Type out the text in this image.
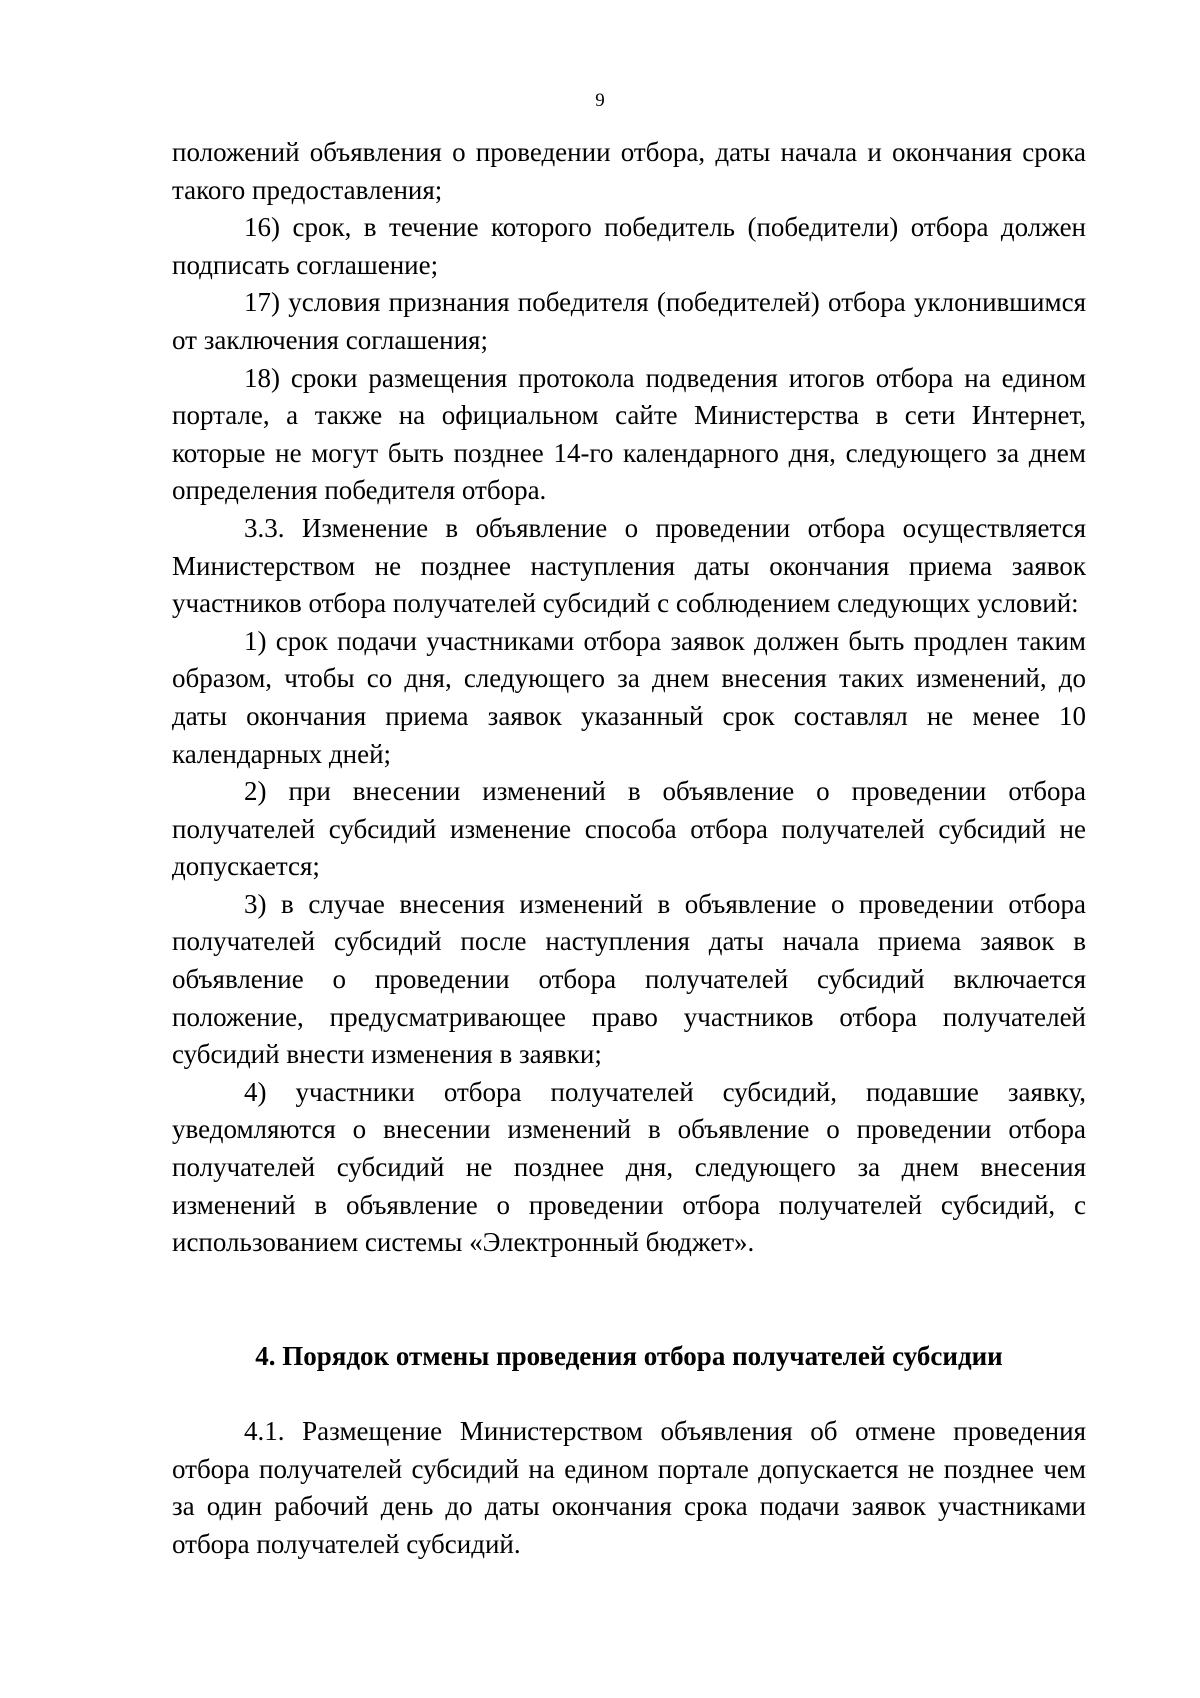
9

положений объявления о проведении отбора, даты начала и окончания срока такого предоставления;

16) срок, в течение которого победитель (победители) отбора должен подписать соглашение;

17) условия признания победителя (победителей) отбора уклонившимся от заключения соглашения;

18) сроки размещения протокола подведения итогов отбора на едином портале, а также на официальном сайте Министерства в сети Интернет, которые не могут быть позднее 14-го календарного дня, следующего за днем определения победителя отбора.

3.3. Изменение в объявление о проведении отбора осуществляется Министерством не позднее наступления даты окончания приема заявок участников отбора получателей субсидий с соблюдением следующих условий:

1) срок подачи участниками отбора заявок должен быть продлен таким образом, чтобы со дня, следующего за днем внесения таких изменений, до даты окончания приема заявок указанный срок составлял не менее 10 календарных дней;

2) при внесении изменений в объявление о проведении отбора получателей субсидий изменение способа отбора получателей субсидий не допускается;

3) в случае внесения изменений в объявление о проведении отбора получателей субсидий после наступления даты начала приема заявок в объявление о проведении отбора получателей субсидий включается положение, предусматривающее право участников отбора получателей субсидий внести изменения в заявки;

4) участники отбора получателей субсидий, подавшие заявку, уведомляются о внесении изменений в объявление о проведении отбора получателей субсидий не позднее дня, следующего за днем внесения изменений в объявление о проведении отбора получателей субсидий, с использованием системы «Электронный бюджет».

4. Порядок отмены проведения отбора получателей субсидии

4.1. Размещение Министерством объявления об отмене проведения отбора получателей субсидий на едином портале допускается не позднее чем за один рабочий день до даты окончания срока подачи заявок участниками отбора получателей субсидий.
